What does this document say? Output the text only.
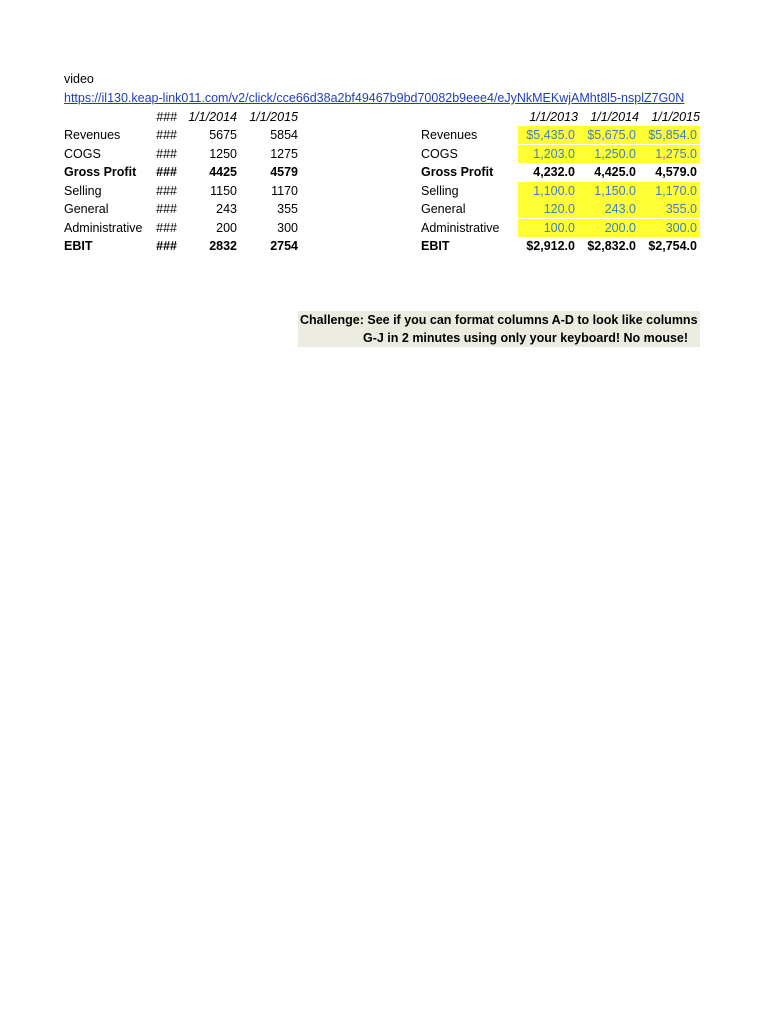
video
https://il130.keap-link011.com/v2/click/cce66d38a2bf49467b9bd70082b9eee4/eJyNkMEKwjAMht8l5-nsplZ7G0N
### 1/1/2014 1/1/2015
Revenues	###	5675	5854
COGS	###	1250	1275
Gross Profit	###	4425	4579
Selling	###	1150	1170
General	###	243	355
Administrative	###	200	300
EBIT	###	2832	2754
1/1/2013 1/1/2014 1/1/2015
Revenues	$5,435.0 $5,675.0 $5,854.0
COGS	1,203.0	1,250.0	1,275.0
Gross Profit	4,232.0	4,425.0	4,579.0
Selling	1,100.0	1,150.0	1,170.0
General	120.0	243.0	355.0
Administrative	100.0	200.0	300.0
EBIT	$2,912.0 $2,832.0 $2,754.0
Challenge: See if you can format columns A-D to look like columns
G-J in 2 minutes using only your keyboard! No mouse!
